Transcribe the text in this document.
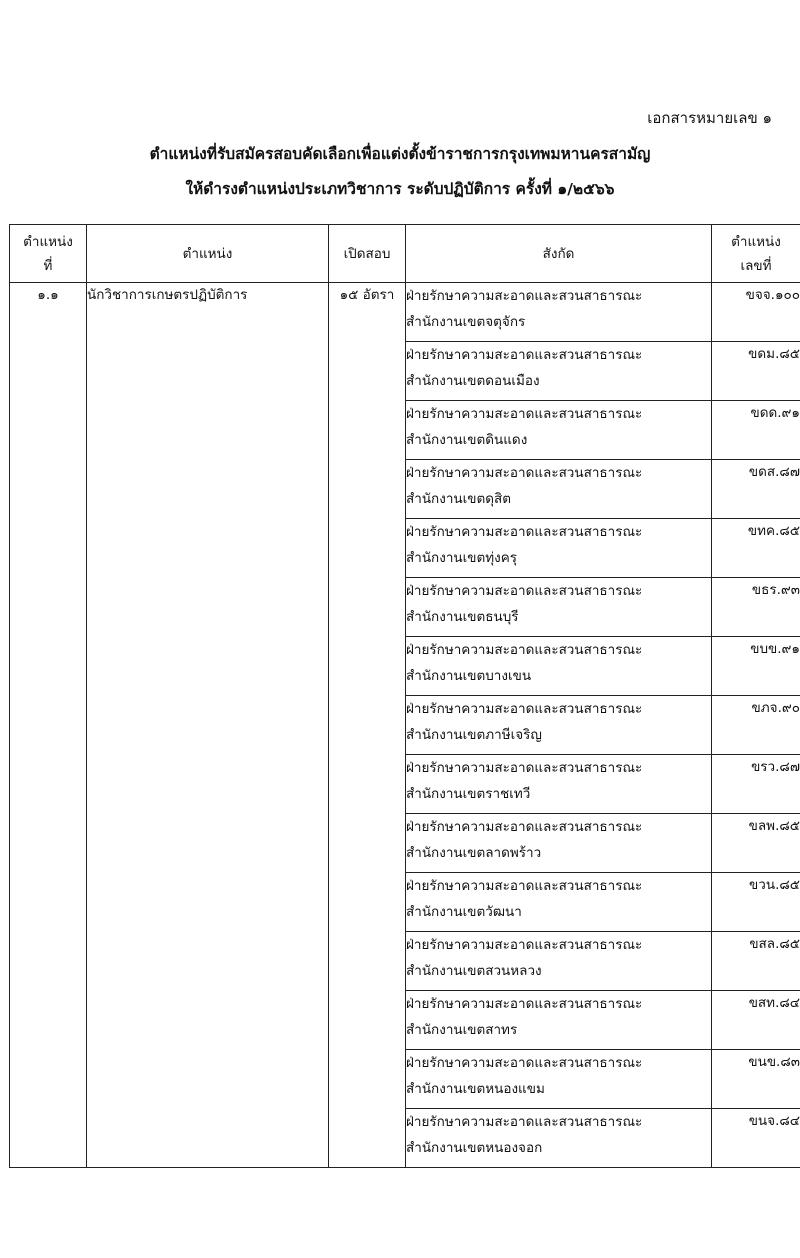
เอกสารหมายเลข ๑
ตำแหน่งที่รับสมัครสอบคัดเลือกเพื่อแต่งตั้งข้าราชการกรุงเทพมหานครสามัญ
ให้ดำรงตำแหน่งประเภทวิชาการ ระดับปฏิบัติการ ครั้งที่ ๑/๒๕๖๖
ตำแหน่ง
ที่	ตำแหน่ง	เปิดสอบ	สังกัด	ตำแหน่ง
เลขที่
๑.๑	นักวิชาการเกษตรปฏิบัติการ	๑๕ อัตรา	ฝ่ายรักษาความสะอาดและสวนสาธารณะ
สำนักงานเขตจตุจักร	ขจจ.๑๐๐

			ฝ่ายรักษาความสะอาดและสวนสาธารณะ
สำนักงานเขตดอนเมือง	ขดม.๘๕

			ฝ่ายรักษาความสะอาดและสวนสาธารณะ
สำนักงานเขตดินแดง	ขดด.๙๑

			ฝ่ายรักษาความสะอาดและสวนสาธารณะ
สำนักงานเขตดุสิต	ขดส.๘๗

			ฝ่ายรักษาความสะอาดและสวนสาธารณะ
สำนักงานเขตทุ่งครุ	ขทค.๘๕

			ฝ่ายรักษาความสะอาดและสวนสาธารณะ
สำนักงานเขตธนบุรี	ขธร.๙๓

			ฝ่ายรักษาความสะอาดและสวนสาธารณะ
สำนักงานเขตบางเขน	ขบข.๙๑

			ฝ่ายรักษาความสะอาดและสวนสาธารณะ
สำนักงานเขตภาษีเจริญ	ขภจ.๙๐

			ฝ่ายรักษาความสะอาดและสวนสาธารณะ
สำนักงานเขตราชเทวี	ขรว.๘๗

			ฝ่ายรักษาความสะอาดและสวนสาธารณะ
สำนักงานเขตลาดพร้าว	ขลพ.๘๕

			ฝ่ายรักษาความสะอาดและสวนสาธารณะ
สำนักงานเขตวัฒนา	ขวน.๘๕

			ฝ่ายรักษาความสะอาดและสวนสาธารณะ
สำนักงานเขตสวนหลวง	ขสล.๘๕

			ฝ่ายรักษาความสะอาดและสวนสาธารณะ
สำนักงานเขตสาทร	ขสท.๘๔

			ฝ่ายรักษาความสะอาดและสวนสาธารณะ
สำนักงานเขตหนองแขม	ขนข.๘๓

			ฝ่ายรักษาความสะอาดและสวนสาธารณะ
สำนักงานเขตหนองจอก	ขนจ.๘๔
